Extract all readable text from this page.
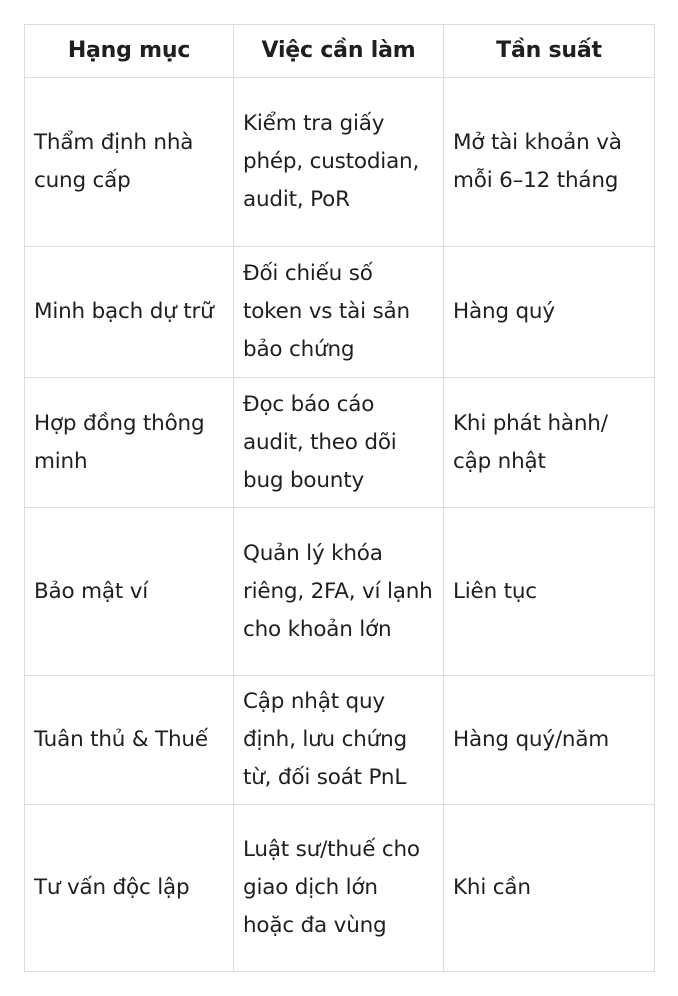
Hạng mục	Việc cần làm	Tần suất
Thẩm định nhà cung cấp	Kiểm tra giấy phép, custodian, audit, PoR	Mở tài khoản và mỗi 6–12 tháng
Minh bạch dự trữ	Đối chiếu số token vs tài sản bảo chứng	Hàng quý
Hợp đồng thông minh	Đọc báo cáo audit, theo dõi bug bounty	Khi phát hành/ cập nhật
Bảo mật ví	Quản lý khóa riêng, 2FA, ví lạnh cho khoản lớn	Liên tục
Tuân thủ & Thuế	Cập nhật quy định, lưu chứng từ, đối soát PnL	Hàng quý/năm
Tư vấn độc lập	Luật sư/thuế cho giao dịch lớn hoặc đa vùng	Khi cần
